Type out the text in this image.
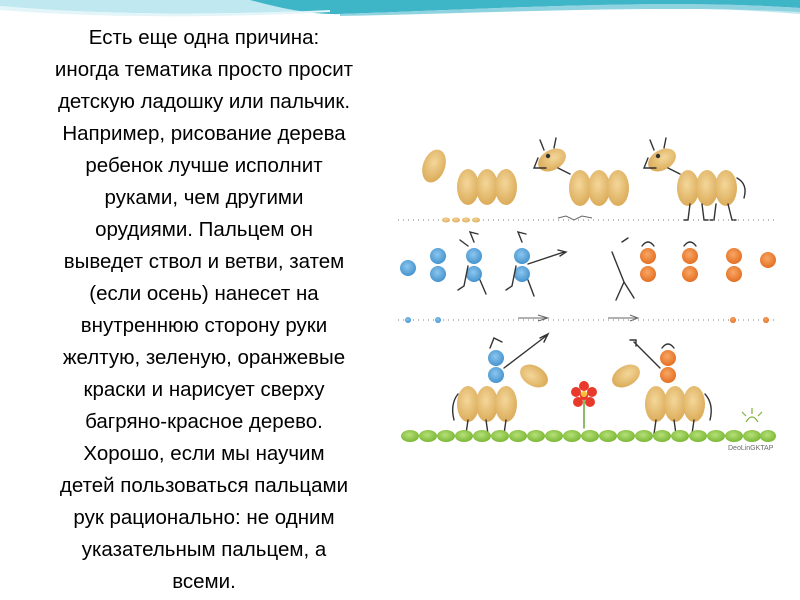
Есть еще одна причина:
иногда тематика просто просит
детскую ладошку или пальчик.
Например, рисование дерева
ребенок лучше исполнит
руками, чем другими
орудиями. Пальцем он
выведет ствол и ветви, затем
(если осень) нанесет на
внутреннюю сторону руки
желтую, зеленую, оранжевые
краски и нарисует сверху
багряно-красное дерево.
Хорошо, если мы научим
детей пользоваться пальцами
рук рационально: не одним
указательным пальцем, а
всеми.
DeoLinGKTAP
